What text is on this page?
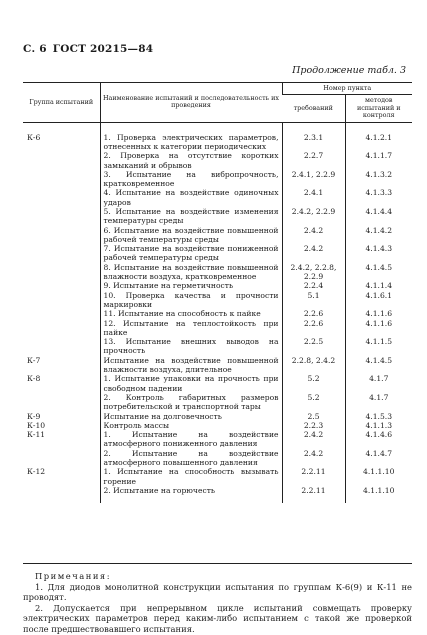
С. 6 ГОСТ 20215—84
Продолжение табл. 3
Группа испытаний	Наименование испытаний и последовательность их проведения	Номер пункта	
		требований	методов испытаний и контроля
К-6	1. Проверка электрических параметров, отнесенных к категории периодических	2.3.1	4.1.2.1
	2. Проверка на отсутствие коротких замыканий и обрывов	2.2.7	4.1.1.7
	3. Испытание на вибропрочность, кратковременное	2.4.1, 2.2.9	4.1.3.2
	4. Испытание на воздействие одиночных ударов	2.4.1	4.1.3.3
	5. Испытание на воздействие изменения температуры среды	2.4.2, 2.2.9	4.1.4.4
	6. Испытание на воздействие повышенной рабочей температуры среды	2.4.2	4.1.4.2
	7. Испытание на воздействие пониженной рабочей температуры среды	2.4.2	4.1.4.3
	8. Испытание на воздействие повышенной влажности воздуха, кратковременное	2.4.2, 2.2.8, 2.2.9	4.1.4.5
	9. Испытание на герметичность	2.2.4	4.1.1.4
	10. Проверка качества и прочности маркировки	5.1	4.1.6.1
	11. Испытание на способность к пайке	2.2.6	4.1.1.6
	12. Испытание на теплостойкость при пайке	2.2.6	4.1.1.6
	13. Испытание внешних выводов на прочность	2.2.5	4.1.1.5
К-7	Испытание на воздействие повышенной влажности воздуха, длительное	2.2.8, 2.4.2	4.1.4.5
К-8	1. Испытание упаковки на прочность при свободном падении	5.2	4.1.7
	2. Контроль габаритных размеров потребительской и транспортной тары	5.2	4.1.7
К-9	Испытание на долговечность	2.5	4.1.5.3
К-10	Контроль массы	2.2.3	4.1.1.3
К-11	1. Испытание на воздействие атмосферного пониженного давления	2.4.2	4.1.4.6
	2. Испытание на воздействие атмосферного повышенного давления	2.4.2	4.1.4.7
К-12	1. Испытание на способность вызывать горение	2.2.11	4.1.1.10
	2. Испытание на горючесть	2.2.11	4.1.1.10
Примечания:

1. Для диодов монолитной конструкции испытания по группам К-6(9) и К-11 не проводят.

2. Допускается при непрерывном цикле испытаний совмещать проверку электрических параметров перед каким-либо испытанием с такой же проверкой после предшествовавшего испытания.
